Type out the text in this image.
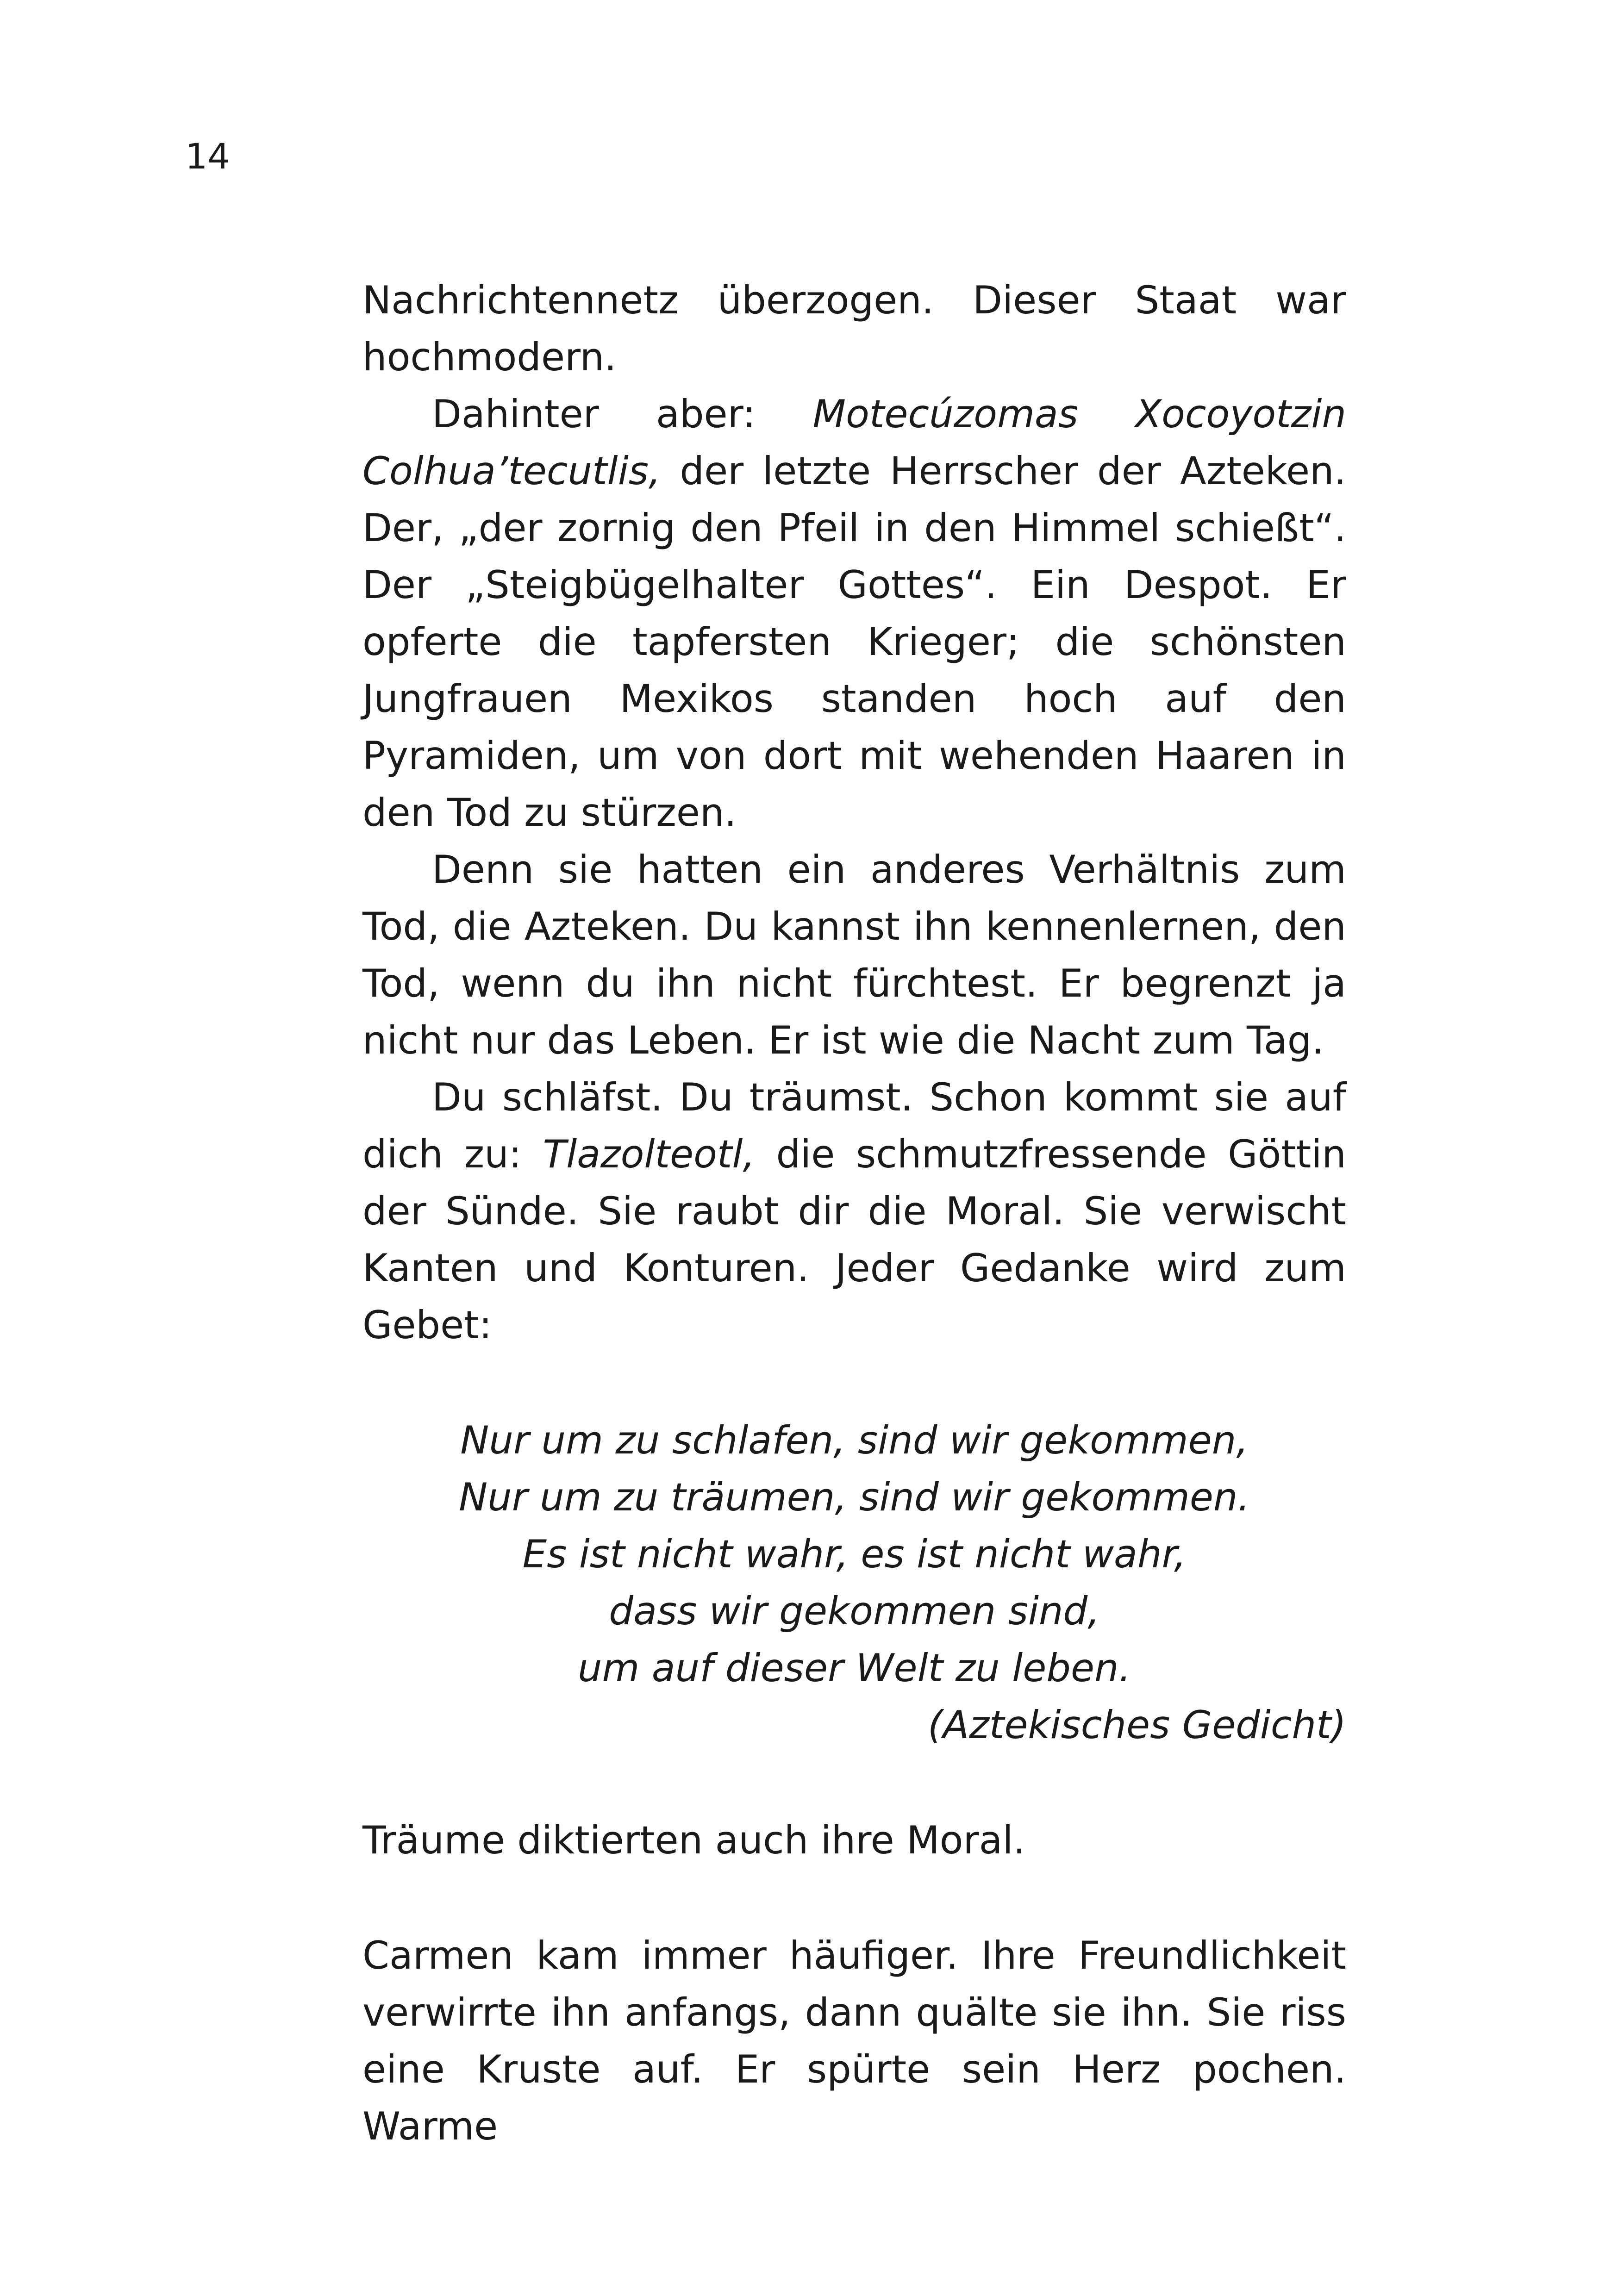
14

Nachrichtennetz überzogen. Dieser Staat war hochmodern.

Dahinter aber: Motecúzomas Xocoyotzin Colhua’tecutlis, der letzte Herrscher der Azteken. Der, „der zornig den Pfeil in den Himmel schießt“. Der „Steigbügelhalter Gottes“. Ein Despot. Er opferte die tapfersten Krieger; die schönsten Jungfrauen Mexikos standen hoch auf den Pyramiden, um von dort mit wehenden Haaren in den Tod zu stürzen.

Denn sie hatten ein anderes Verhältnis zum Tod, die Azteken. Du kannst ihn kennenlernen, den Tod, wenn du ihn nicht fürchtest. Er begrenzt ja nicht nur das Leben. Er ist wie die Nacht zum Tag.

Du schläfst. Du träumst. Schon kommt sie auf dich zu: Tlazolteotl, die schmutzfressende Göttin der Sünde. Sie raubt dir die Moral. Sie verwischt Kanten und Konturen. Jeder Gedanke wird zum Gebet:

Nur um zu schlafen, sind wir gekommen,
Nur um zu träumen, sind wir gekommen.
Es ist nicht wahr, es ist nicht wahr,
dass wir gekommen sind,
um auf dieser Welt zu leben.
(Aztekisches Gedicht)

Träume diktierten auch ihre Moral.

Carmen kam immer häufiger. Ihre Freundlichkeit verwirrte ihn anfangs, dann quälte sie ihn. Sie riss eine Kruste auf. Er spürte sein Herz pochen. Warme
